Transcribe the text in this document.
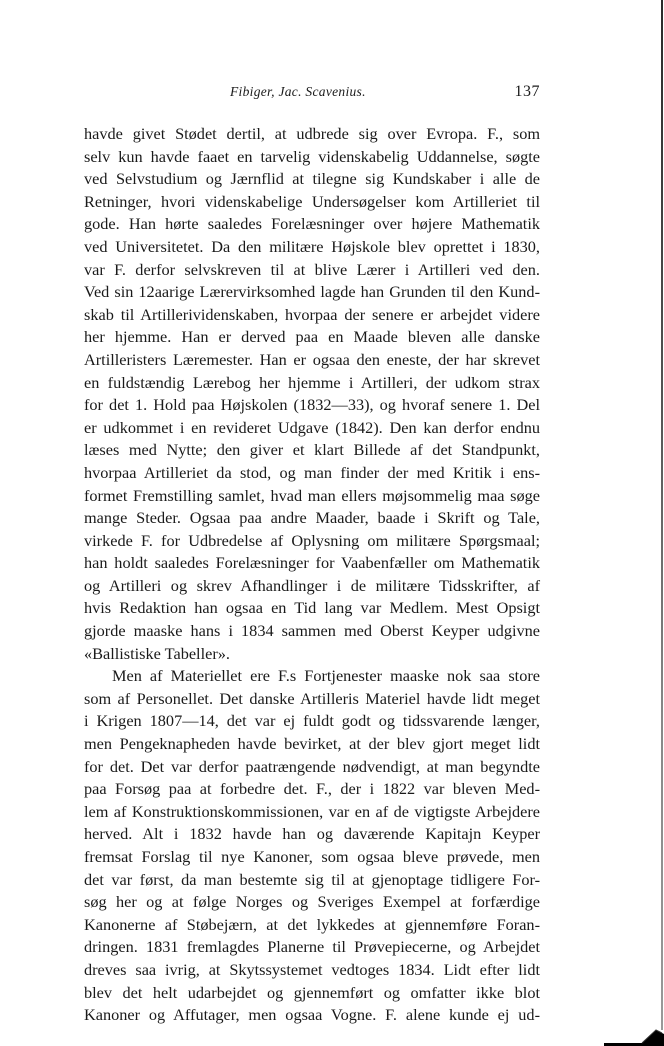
Fibiger, Jac. Scavenius.	137
havde givet Stødet dertil, at udbrede sig over Evropa. F., som
selv kun havde faaet en tarvelig videnskabelig Uddannelse, søgte
ved Selvstudium og Jærnflid at tilegne sig Kundskaber i alle de
Retninger, hvori videnskabelige Undersøgelser kom Artilleriet til
gode. Han hørte saaledes Forelæsninger over højere Mathematik
ved Universitetet. Da den militære Højskole blev oprettet i 1830,
var F. derfor selvskreven til at blive Lærer i Artilleri ved den.
Ved sin 12aarige Lærervirksomhed lagde han Grunden til den Kund-
skab til Artillerividenskaben, hvorpaa der senere er arbejdet videre
her hjemme. Han er derved paa en Maade bleven alle danske
Artilleristers Læremester. Han er ogsaa den eneste, der har skrevet
en fuldstændig Lærebog her hjemme i Artilleri, der udkom strax
for det 1. Hold paa Højskolen (1832—33), og hvoraf senere 1. Del
er udkommet i en revideret Udgave (1842). Den kan derfor endnu
læses med Nytte; den giver et klart Billede af det Standpunkt,
hvorpaa Artilleriet da stod, og man finder der med Kritik i ens-
formet Fremstilling samlet, hvad man ellers møjsommelig maa søge
mange Steder. Ogsaa paa andre Maader, baade i Skrift og Tale,
virkede F. for Udbredelse af Oplysning om militære Spørgsmaal;
han holdt saaledes Forelæsninger for Vaabenfæller om Mathematik
og Artilleri og skrev Afhandlinger i de militære Tidsskrifter, af
hvis Redaktion han ogsaa en Tid lang var Medlem. Mest Opsigt
gjorde maaske hans i 1834 sammen med Oberst Keyper udgivne
«Ballistiske Tabeller».
Men af Materiellet ere F.s Fortjenester maaske nok saa store
som af Personellet. Det danske Artilleris Materiel havde lidt meget
i Krigen 1807—14, det var ej fuldt godt og tidssvarende længer,
men Pengeknapheden havde bevirket, at der blev gjort meget lidt
for det. Det var derfor paatrængende nødvendigt, at man begyndte
paa Forsøg paa at forbedre det. F., der i 1822 var bleven Med-
lem af Konstruktionskommissionen, var en af de vigtigste Arbejdere
herved. Alt i 1832 havde han og daværende Kapitajn Keyper
fremsat Forslag til nye Kanoner, som ogsaa bleve prøvede, men
det var først, da man bestemte sig til at gjenoptage tidligere For-
søg her og at følge Norges og Sveriges Exempel at forfærdige
Kanonerne af Støbejærn, at det lykkedes at gjennemføre Foran-
dringen. 1831 fremlagdes Planerne til Prøvepiecerne, og Arbejdet
dreves saa ivrig, at Skytssystemet vedtoges 1834. Lidt efter lidt
blev det helt udarbejdet og gjennemført og omfatter ikke blot
Kanoner og Affutager, men ogsaa Vogne. F. alene kunde ej ud-
